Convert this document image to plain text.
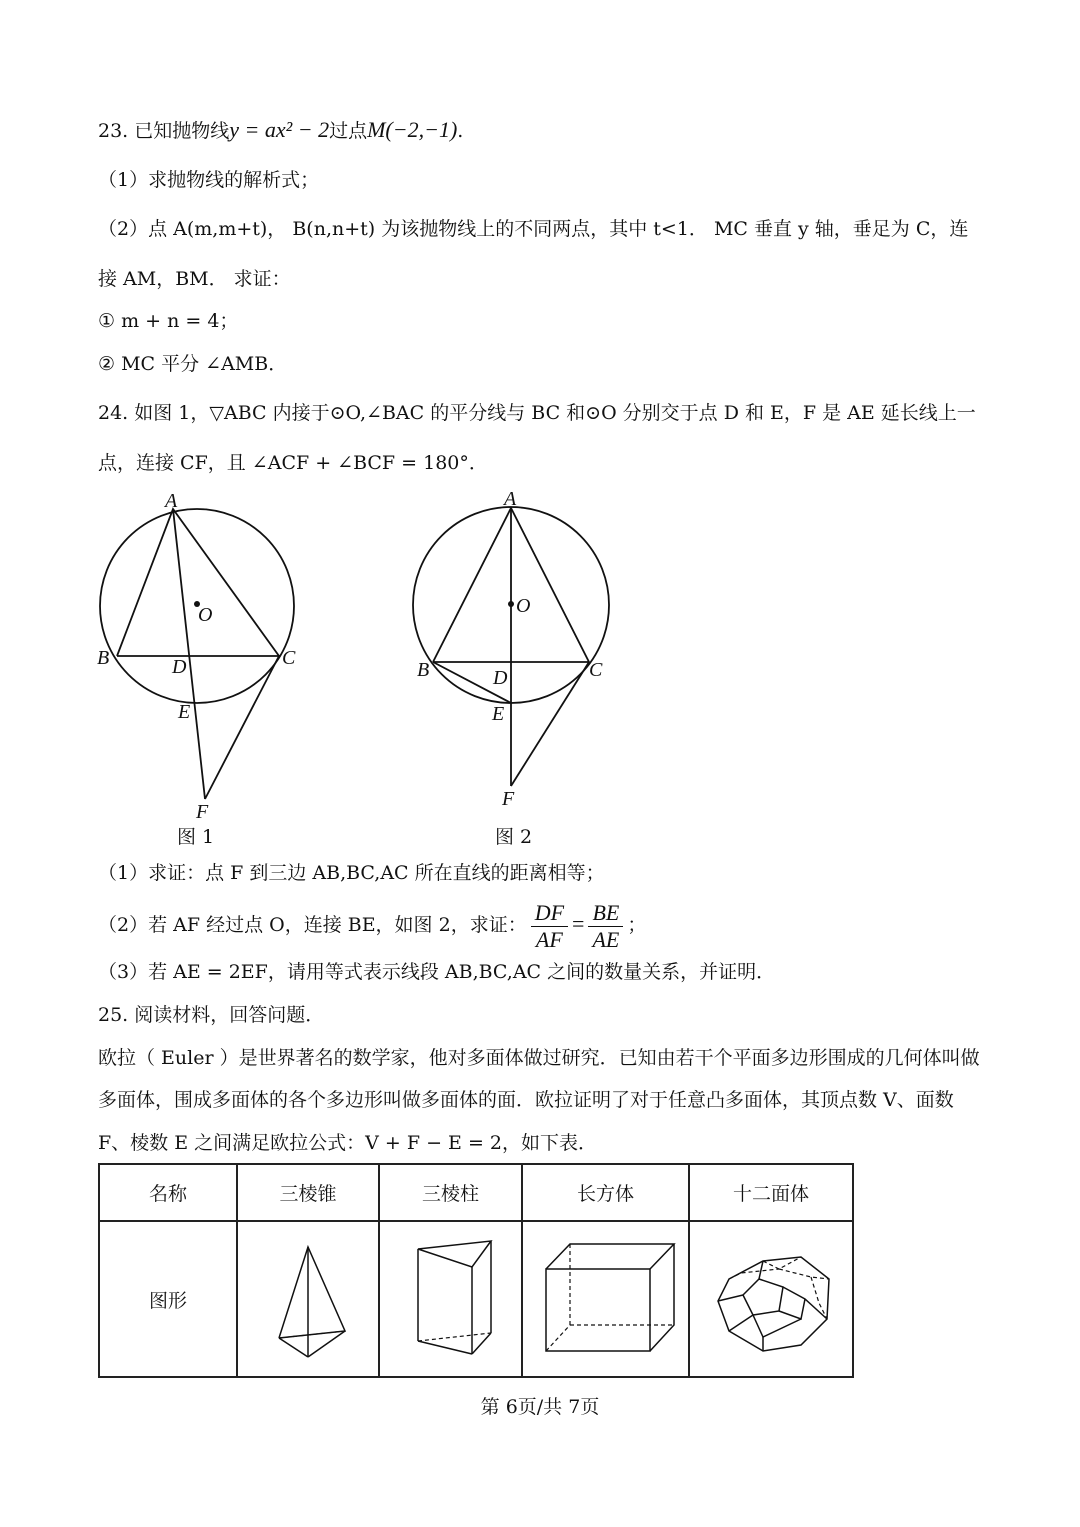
23. 已知抛物线y = ax² − 2过点M(−2,−1).
（1）求抛物线的解析式；
（2）点 A(m,m+t)， B(n,n+t) 为该抛物线上的不同两点，其中 t<1． MC 垂直 y 轴，垂足为 C，连
接 AM，BM． 求证：
① m + n = 4；
② MC 平分 ∠AMB．
24. 如图 1，▽ABC 内接于⊙O,∠BAC 的平分线与 BC 和⊙O 分别交于点 D 和 E，F 是 AE 延长线上一
点，连接 CF，且 ∠ACF + ∠BCF = 180°．
A
O
B	C
D
E
F
图 1
A
O
B	C
D
E
F
图 2
（1）求证：点 F 到三边 AB,BC,AC 所在直线的距离相等；
（2）若 AF 经过点 O，连接 BE，如图 2，求证： $\frac{DF}{AF} = \frac{BE}{AE}$ ；
（3）若 AE = 2EF，请用等式表示线段 AB,BC,AC 之间的数量关系，并证明．
25. 阅读材料，回答问题．
欧拉（ Euler ）是世界著名的数学家，他对多面体做过研究．已知由若干个平面多边形围成的几何体叫做
多面体，围成多面体的各个多边形叫做多面体的面．欧拉证明了对于任意凸多面体，其顶点数 V、面数
F、棱数 E 之间满足欧拉公式：V + F − E = 2，如下表．
名称	三棱锥	三棱柱	长方体	十二面体
图形				
第 6页/共 7页
